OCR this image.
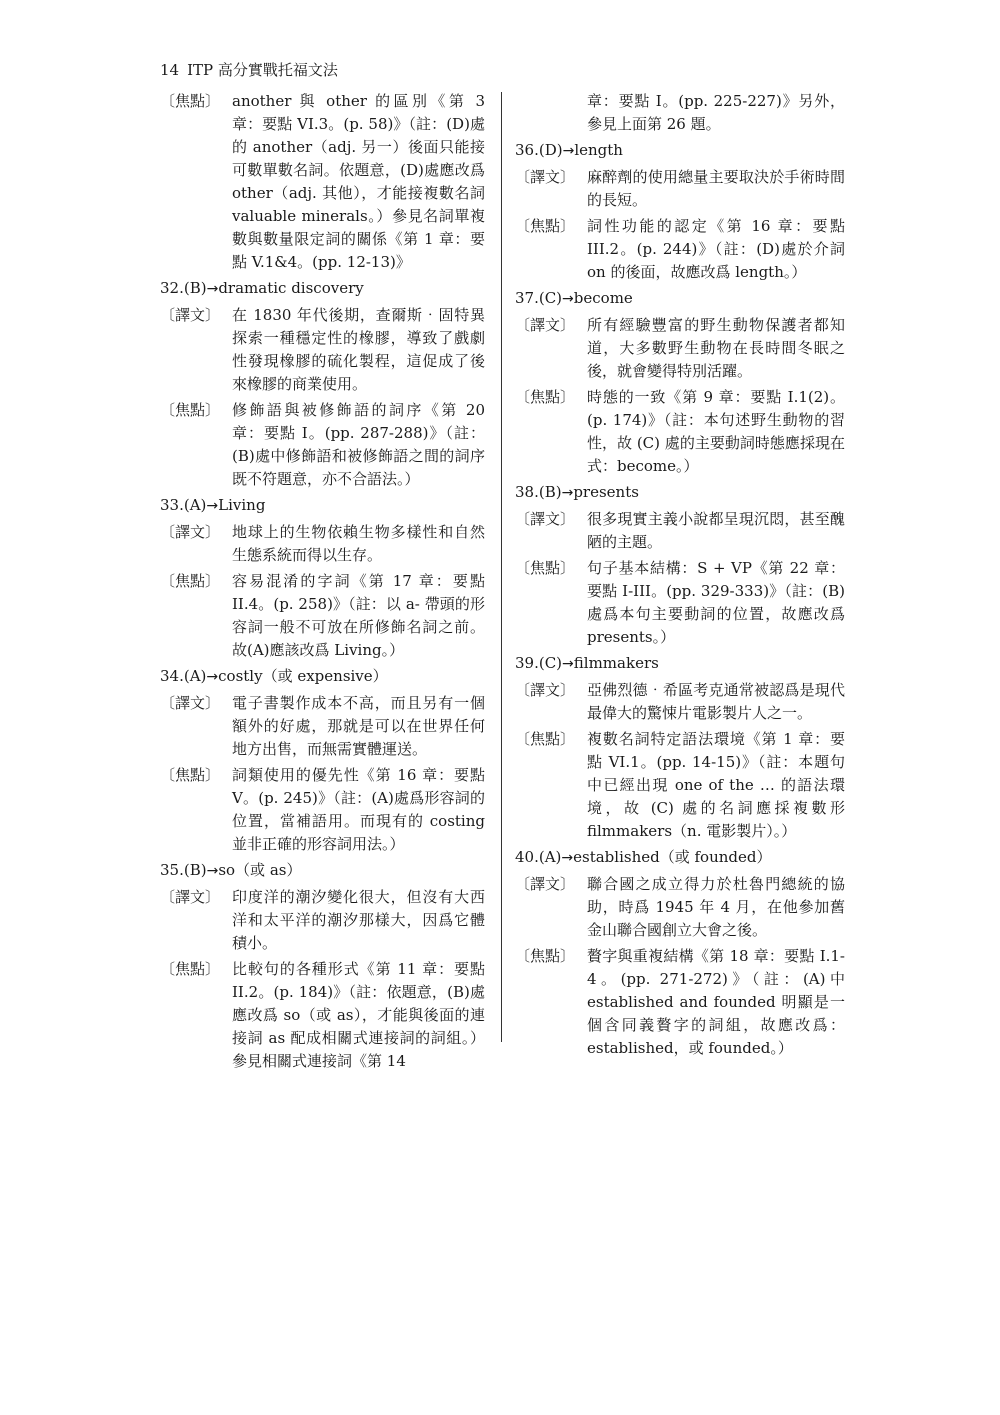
14 ITP 高分實戰托福文法
〔焦點〕 another 與 other 的區別《第 3 章：要點 VI.3。(p. 58)》（註：(D)處的 another（adj. 另一）後面只能接可數單數名詞。依題意，(D)處應改爲 other（adj. 其他），才能接複數名詞 valuable minerals。）參見名詞單複數與數量限定詞的關係《第 1 章：要點 V.1&4。(pp. 12-13)》
32.(B)→dramatic discovery
〔譯文〕 在 1830 年代後期，查爾斯‧固特異探索一種穩定性的橡膠，導致了戲劇性發現橡膠的硫化製程，這促成了後來橡膠的商業使用。
〔焦點〕 修飾語與被修飾語的詞序《第 20 章：要點 I。(pp. 287-288)》（註：(B)處中修飾語和被修飾語之間的詞序既不符題意，亦不合語法。）
33.(A)→Living
〔譯文〕 地球上的生物依賴生物多樣性和自然生態系統而得以生存。
〔焦點〕 容易混淆的字詞《第 17 章：要點 II.4。(p. 258)》（註：以 a- 帶頭的形容詞一般不可放在所修飾名詞之前。故(A)應該改爲 Living。）
34.(A)→costly（或 expensive）
〔譯文〕 電子書製作成本不高，而且另有一個額外的好處，那就是可以在世界任何地方出售，而無需實體運送。
〔焦點〕 詞類使用的優先性《第 16 章：要點 V。(p. 245)》（註：(A)處爲形容詞的位置，當補語用。而現有的 costing 並非正確的形容詞用法。）
35.(B)→so（或 as）
〔譯文〕 印度洋的潮汐變化很大，但沒有大西洋和太平洋的潮汐那樣大，因爲它體積小。
〔焦點〕 比較句的各種形式《第 11 章：要點 II.2。(p. 184)》（註：依題意，(B)處應改爲 so（或 as），才能與後面的連接詞 as 配成相關式連接詞的詞組。）參見相關式連接詞《第 14
章：要點 I。(pp. 225-227)》另外，參見上面第 26 題。
36.(D)→length
〔譯文〕 麻醉劑的使用總量主要取決於手術時間的長短。
〔焦點〕 詞性功能的認定《第 16 章：要點 III.2。(p. 244)》（註：(D)處於介詞 on 的後面，故應改爲 length。）
37.(C)→become
〔譯文〕 所有經驗豐富的野生動物保護者都知道，大多數野生動物在長時間冬眠之後，就會變得特別活躍。
〔焦點〕 時態的一致《第 9 章：要點 I.1(2)。(p. 174)》（註：本句述野生動物的習性，故 (C) 處的主要動詞時態應採現在式：become。）
38.(B)→presents
〔譯文〕 很多現實主義小說都呈現沉悶，甚至醜陋的主題。
〔焦點〕 句子基本結構：S + VP《第 22 章：要點 I-III。(pp. 329-333)》（註：(B)處爲本句主要動詞的位置，故應改爲 presents。）
39.(C)→filmmakers
〔譯文〕 亞佛烈德‧希區考克通常被認爲是現代最偉大的驚悚片電影製片人之一。
〔焦點〕 複數名詞特定語法環境《第 1 章：要點 VI.1。(pp. 14-15)》（註：本題句中已經出現 one of the … 的語法環境，故 (C) 處的名詞應採複數形 filmmakers（n. 電影製片）。）
40.(A)→established（或 founded）
〔譯文〕 聯合國之成立得力於杜魯門總統的協助，時爲 1945 年 4 月，在他參加舊金山聯合國創立大會之後。
〔焦點〕 贅字與重複結構《第 18 章：要點 I.1-4。(pp. 271-272)》（註：(A)中 established and founded 明顯是一個含同義贅字的詞組，故應改爲：established，或 founded。）
